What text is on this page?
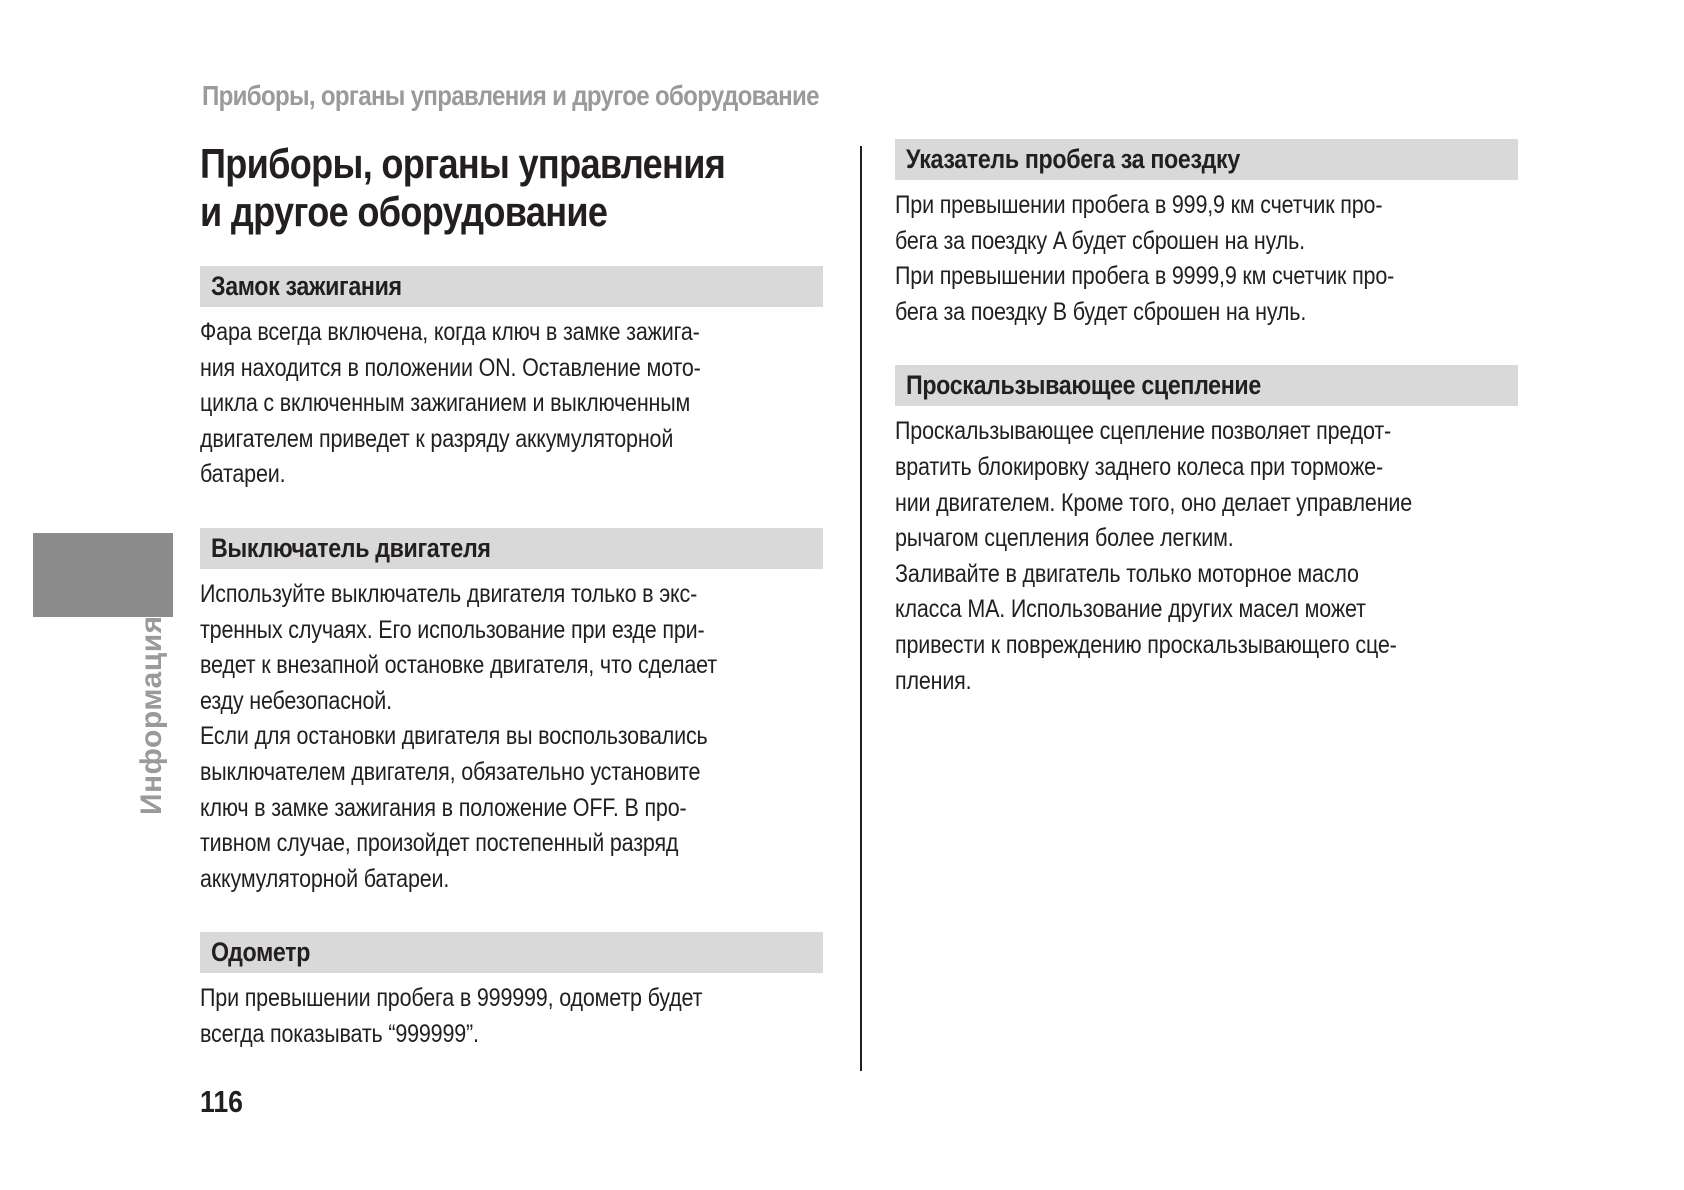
Приборы, органы управления и другое оборудование
Приборы, органы управления
и другое оборудование
Информация
Замок зажигания
Фара всегда включена, когда ключ в замке зажига-
ния находится в положении ON. Оставление мото-
цикла с включенным зажиганием и выключенным
двигателем приведет к разряду аккумуляторной
батареи.
Выключатель двигателя
Используйте выключатель двигателя только в экс-
тренных случаях. Его использование при езде при-
ведет к внезапной остановке двигателя, что сделает
езду небезопасной.
Если для остановки двигателя вы воспользовались
выключателем двигателя, обязательно установите
ключ в замке зажигания в положение OFF. В про-
тивном случае, произойдет постепенный разряд
аккумуляторной батареи.
Одометр
При превышении пробега в 999999, одометр будет
всегда показывать “999999”.
Указатель пробега за поездку
При превышении пробега в 999,9 км счетчик про-
бега за поездку A будет сброшен на нуль.
При превышении пробега в 9999,9 км счетчик про-
бега за поездку B будет сброшен на нуль.
Проскальзывающее сцепление
Проскальзывающее сцепление позволяет предот-
вратить блокировку заднего колеса при торможе-
нии двигателем. Кроме того, оно делает управление
рычагом сцепления более легким.
Заливайте в двигатель только моторное масло
класса MA. Использование других масел может
привести к повреждению проскальзывающего сце-
пления.
116
